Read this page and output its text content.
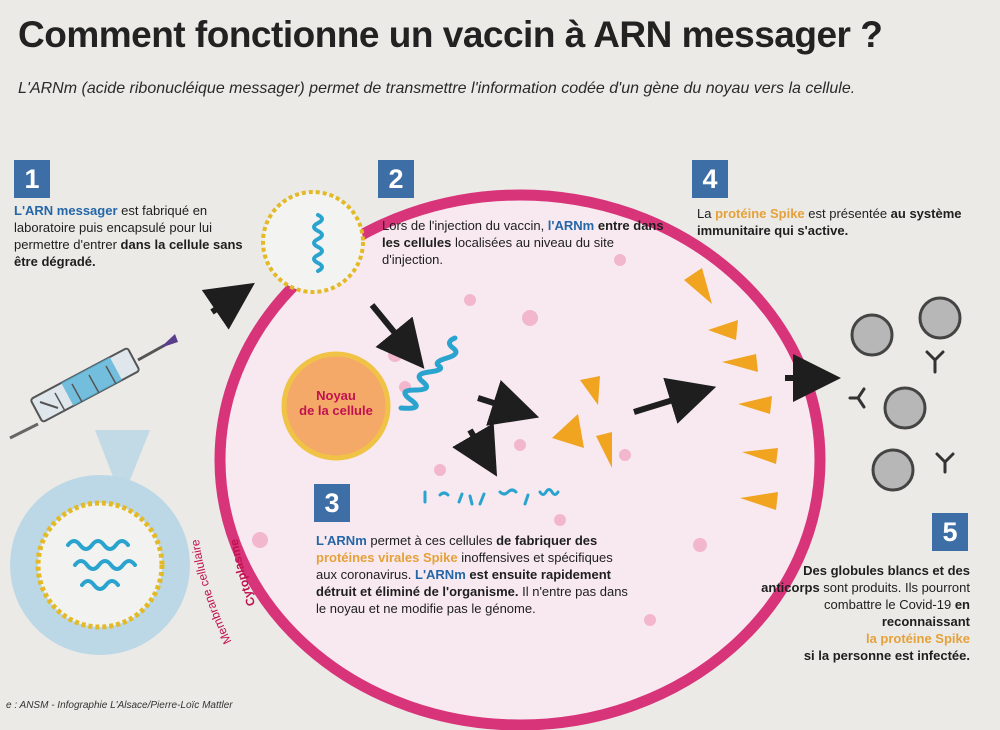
Membrane cellulaire
Cytoplasme
Comment fonctionne un vaccin à ARN messager ?

L'ARNm (acide ribonucléique messager) permet de transmettre l'information codée d'un gène du noyau vers la cellule.

1	2
3
4
5
L'ARN messager est fabriqué en laboratoire puis encapsulé pour lui permettre d'entrer dans la cellule sans être dégradé.
Lors de l'injection du vaccin, l'ARNm entre dans les cellules localisées au niveau du site d'injection.
L'ARNm permet à ces cellules de fabriquer des protéines virales Spike inoffensives et spécifiques aux coronavirus. L'ARNm est ensuite rapidement détruit et éliminé de l'organisme. Il n'entre pas dans le noyau et ne modifie pas le génome.
La protéine Spike est présentée au système immunitaire qui s'active.
Des globules blancs et des anticorps sont produits. Ils pourront combattre le Covid-19 en reconnaissant
la protéine Spike
si la personne est infectée.
Noyau
de la cellule
e : ANSM - Infographie L'Alsace/Pierre-Loïc Mattler
